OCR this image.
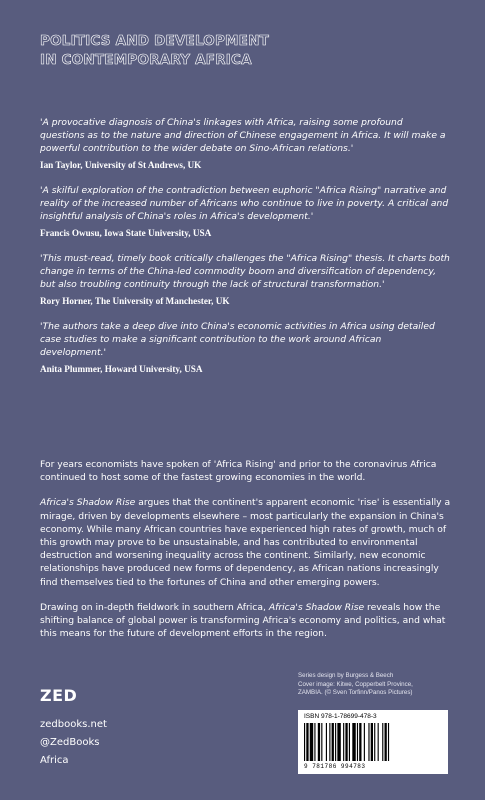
POLITICS AND DEVELOPMENT
IN CONTEMPORARY AFRICA

'A provocative diagnosis of China's linkages with Africa, raising some profound questions as to the nature and direction of Chinese engagement in Africa. It will make a powerful contribution to the wider debate on Sino-African relations.'

Ian Taylor, University of St Andrews, UK

'A skilful exploration of the contradiction between euphoric "Africa Rising" narrative and reality of the increased number of Africans who continue to live in poverty. A critical and insightful analysis of China's roles in Africa's development.'

Francis Owusu, Iowa State University, USA

'This must-read, timely book critically challenges the "Africa Rising" thesis. It charts both change in terms of the China-led commodity boom and diversification of dependency, but also troubling continuity through the lack of structural transformation.'

Rory Horner, The University of Manchester, UK

'The authors take a deep dive into China's economic activities in Africa using detailed case studies to make a significant contribution to the work around African development.'

Anita Plummer, Howard University, USA

For years economists have spoken of 'Africa Rising' and prior to the coronavirus Africa continued to host some of the fastest growing economies in the world.

Africa's Shadow Rise argues that the continent's apparent economic 'rise' is essentially a mirage, driven by developments elsewhere – most particularly the expansion in China's economy. While many African countries have experienced high rates of growth, much of this growth may prove to be unsustainable, and has contributed to environmental destruction and worsening inequality across the continent. Similarly, new economic relationships have produced new forms of dependency, as African nations increasingly find themselves tied to the fortunes of China and other emerging powers.

Drawing on in-depth fieldwork in southern Africa, Africa's Shadow Rise reveals how the shifting balance of global power is transforming Africa's economy and politics, and what this means for the future of development efforts in the region.

ZED
zedbooks.net
@ZedBooks
Africa
Series design by Burgess & Beech
Cover image: Kitwe, Copperbelt Province,
ZAMBIA. (© Sven Torfinn/Panos Pictures)
ISBN 978-1-78699-478-3
9 781786 994783
